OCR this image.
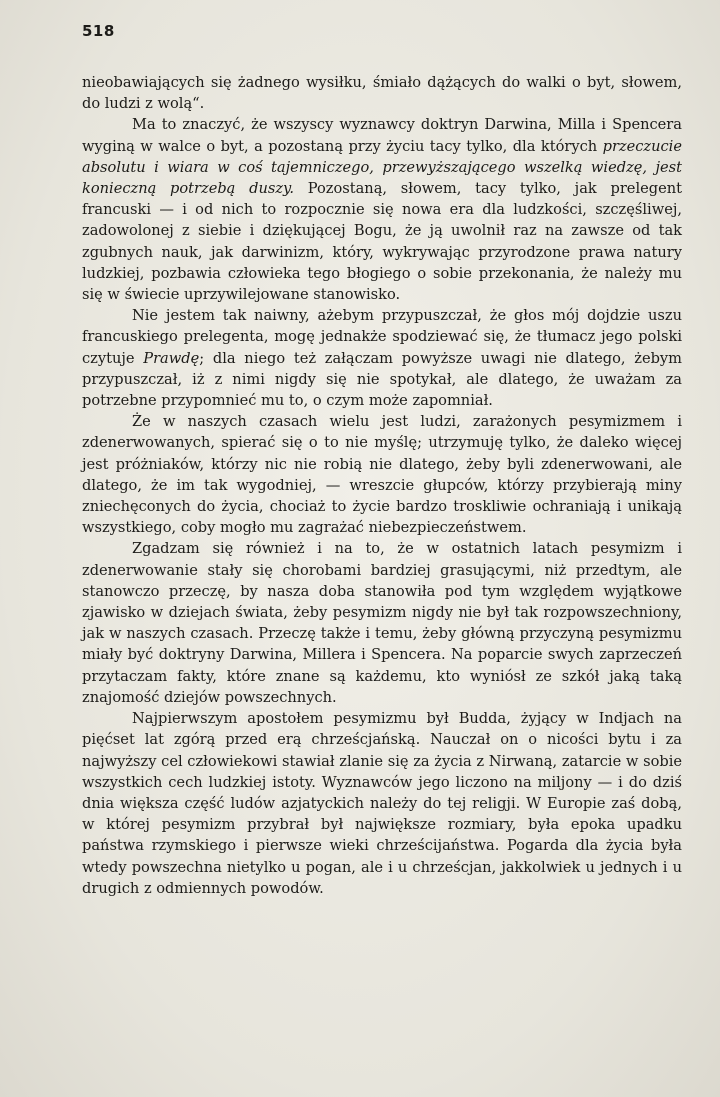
518

nieobawiających się żadnego wysiłku, śmiało dążących do walki o byt, słowem, do ludzi z wolą“.

Ma to znaczyć, że wszyscy wyznawcy doktryn Darwina, Milla i Spencera wyginą w walce o byt, a pozostaną przy życiu tacy tylko, dla których przeczucie absolutu i wiara w coś tajemniczego, przewyższającego wszelką wiedzę, jest konieczną potrzebą duszy. Pozostaną, słowem, tacy tylko, jak prelegent francuski — i od nich to rozpocznie się nowa era dla ludzkości, szczęśliwej, zadowolonej z siebie i dziękującej Bogu, że ją uwolnił raz na zawsze od tak zgubnych nauk, jak darwinizm, który, wykrywając przyrodzone prawa natury ludzkiej, pozbawia człowieka tego błogiego o sobie przekonania, że należy mu się w świecie uprzywilejowane stanowisko.

Nie jestem tak naiwny, ażebym przypuszczał, że głos mój dojdzie uszu francuskiego prelegenta, mogę jednakże spodziewać się, że tłumacz jego polski czytuje Prawdę; dla niego też załączam powyższe uwagi nie dlatego, żebym przypuszczał, iż z nimi nigdy się nie spotykał, ale dlatego, że uważam za potrzebne przypomnieć mu to, o czym może zapomniał.

Że w naszych czasach wielu jest ludzi, zarażonych pesymizmem i zdenerwowanych, spierać się o to nie myślę; utrzymuję tylko, że daleko więcej jest próżniaków, którzy nic nie robią nie dlatego, żeby byli zdenerwowani, ale dlatego, że im tak wygodniej, — wreszcie głupców, którzy przybierają miny zniechęconych do życia, chociaż to życie bardzo troskliwie ochraniają i unikają wszystkiego, coby mogło mu zagrażać niebezpieczeństwem.

Zgadzam się również i na to, że w ostatnich latach pesymizm i zdenerwowanie stały się chorobami bardziej grasującymi, niż przedtym, ale stanowczo przeczę, by nasza doba stanowiła pod tym względem wyjątkowe zjawisko w dziejach świata, żeby pesymizm nigdy nie był tak rozpowszechniony, jak w naszych czasach. Przeczę także i temu, żeby główną przyczyną pesymizmu miały być doktryny Darwina, Millera i Spencera. Na poparcie swych zaprzeczeń przytaczam fakty, które znane są każdemu, kto wyniósł ze szkół jaką taką znajomość dziejów powszechnych.

Najpierwszym apostołem pesymizmu był Budda, żyjący w Indjach na pięćset lat zgórą przed erą chrześcjańską. Nauczał on o nicości bytu i za najwyższy cel człowiekowi stawiał zlanie się za życia z Nirwaną, zatarcie w sobie wszystkich cech ludzkiej istoty. Wyznawców jego liczono na miljony — i do dziś dnia większa część ludów azjatyckich należy do tej religji. W Europie zaś dobą, w której pesymizm przybrał był największe rozmiary, była epoka upadku państwa rzymskiego i pierwsze wieki chrześcijaństwa. Pogarda dla życia była wtedy powszechna nietylko u pogan, ale i u chrześcjan, jakkolwiek u jednych i u drugich z odmiennych powodów.
